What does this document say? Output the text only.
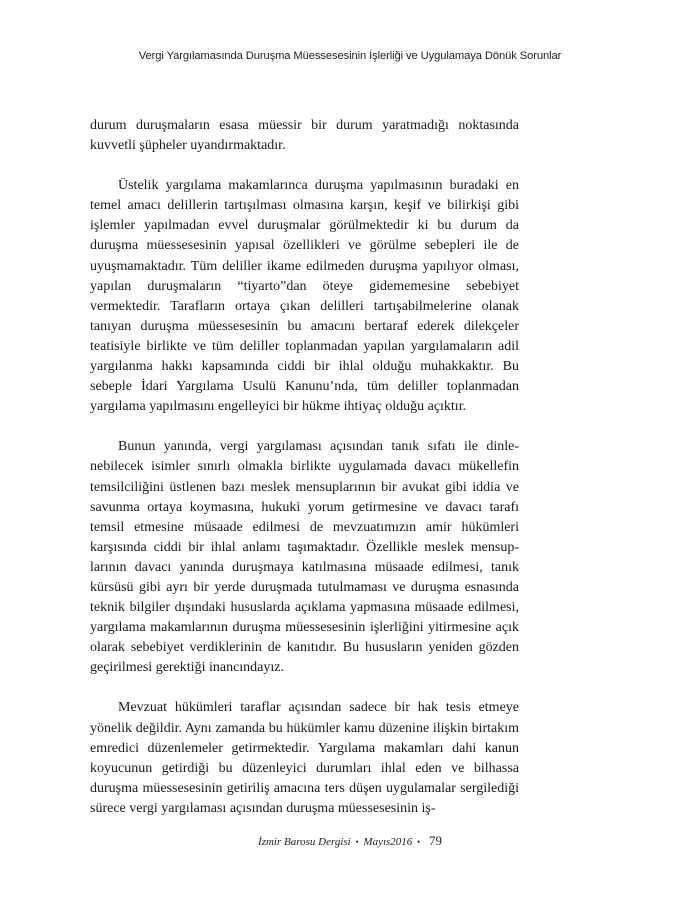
Vergi Yargılamasında Duruşma Müessesesinin İşlerliği ve Uygulamaya Dönük Sorunlar

durum duruşmaların esasa müessir bir durum yaratmadığı noktasında kuvvetli şüpheler uyandırmaktadır.

Üstelik yargılama makamlarınca duruşma yapılmasının buradaki en temel amacı delillerin tartışılması olmasına karşın, keşif ve bilirkişi gibi işlemler yapılmadan evvel duruşmalar görülmektedir ki bu durum da duruşma müessesesinin yapısal özellikleri ve görülme sebepleri ile de uyuşmamaktadır. Tüm deliller ikame edilmeden duruşma yapılıyor olması, yapılan duruşmaların “tiyarto”dan öteye gidememesine sebebiyet vermektedir. Tarafların ortaya çıkan delilleri tartışabilmelerine olanak tanıyan duruşma müessesesinin bu amacını bertaraf ederek dilekçeler teatisiyle birlikte ve tüm deliller toplanmadan yapılan yargılamaların adil yargılanma hakkı kapsamında ciddi bir ihlal olduğu muhakkaktır. Bu sebeple İdari Yargılama Usulü Kanunu’nda, tüm deliller toplanmadan yargılama yapılmasını engelleyici bir hükme ihtiyaç olduğu açıktır.

Bunun yanında, vergi yargılaması açısından tanık sıfatı ile dinlenebilecek isimler sınırlı olmakla birlikte uygulamada davacı mükellefin temsilciliğini üstlenen bazı meslek mensuplarının bir avukat gibi iddia ve savunma ortaya koymasına, hukuki yorum getirmesine ve davacı tarafı temsil etmesine müsaade edilmesi de mevzuatımızın amir hükümleri karşısında ciddi bir ihlal anlamı taşımaktadır. Özellikle meslek mensuplarının davacı yanında duruşmaya katılmasına müsaade edilmesi, tanık kürsüsü gibi ayrı bir yerde duruşmada tutulmaması ve duruşma esnasında teknik bilgiler dışındaki hususlarda açıklama yapmasına müsaade edilmesi, yargılama makamlarının duruşma müessesesinin işlerliğini yitirmesine açık olarak sebebiyet verdiklerinin de kanıtıdır. Bu hususların yeniden gözden geçirilmesi gerektiği inancındayız.

Mevzuat hükümleri taraflar açısından sadece bir hak tesis etmeye yönelik değildir. Aynı zamanda bu hükümler kamu düzenine ilişkin birtakım emredici düzenlemeler getirmektedir. Yargılama makamları dahi kanun koyucunun getirdiği bu düzenleyici durumları ihlal eden ve bilhassa duruşma müessesesinin getiriliş amacına ters düşen uygulamalar sergilediği sürece vergi yargılaması açısından duruşma müessesesinin iş-

İzmir Barosu Dergisi • Mayıs2016 • 79
